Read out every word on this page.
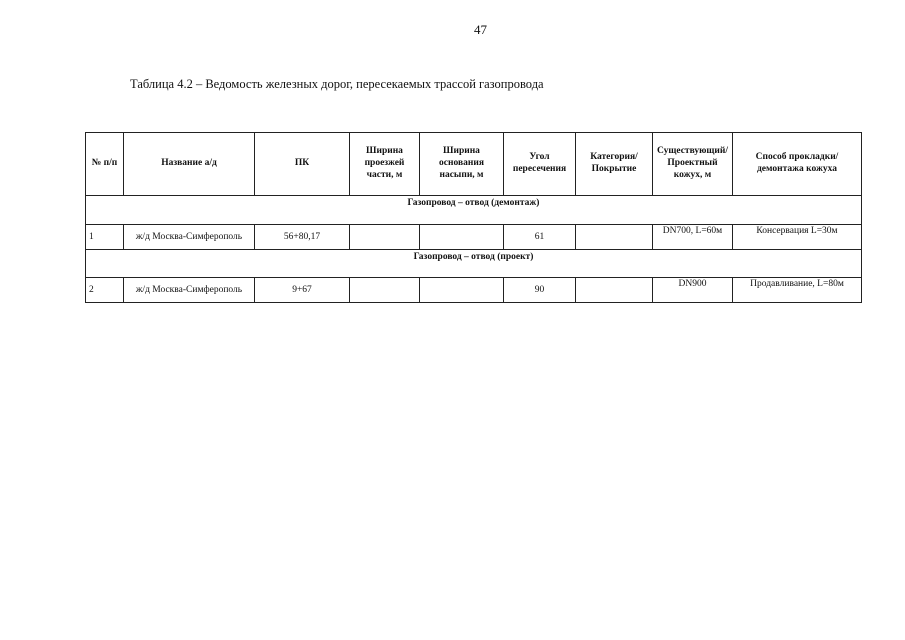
47
Таблица 4.2 – Ведомость железных дорог, пересекаемых трассой газопровода
№ п/п	Название а/д	ПК	Ширина проезжей части, м	Ширина основания насыпи, м	Угол пересечения	Категория/ Покрытие	Существующий/ Проектный кожух, м	Способ прокладки/ демонтажа кожуха
Газопровод – отвод (демонтаж)								
1	ж/д Москва-Симферополь	56+80,17			61		DN700, L=60м	Консервация L=30м
Газопровод – отвод (проект)								
2	ж/д Москва-Симферополь	9+67			90		DN900	Продавливание, L=80м
